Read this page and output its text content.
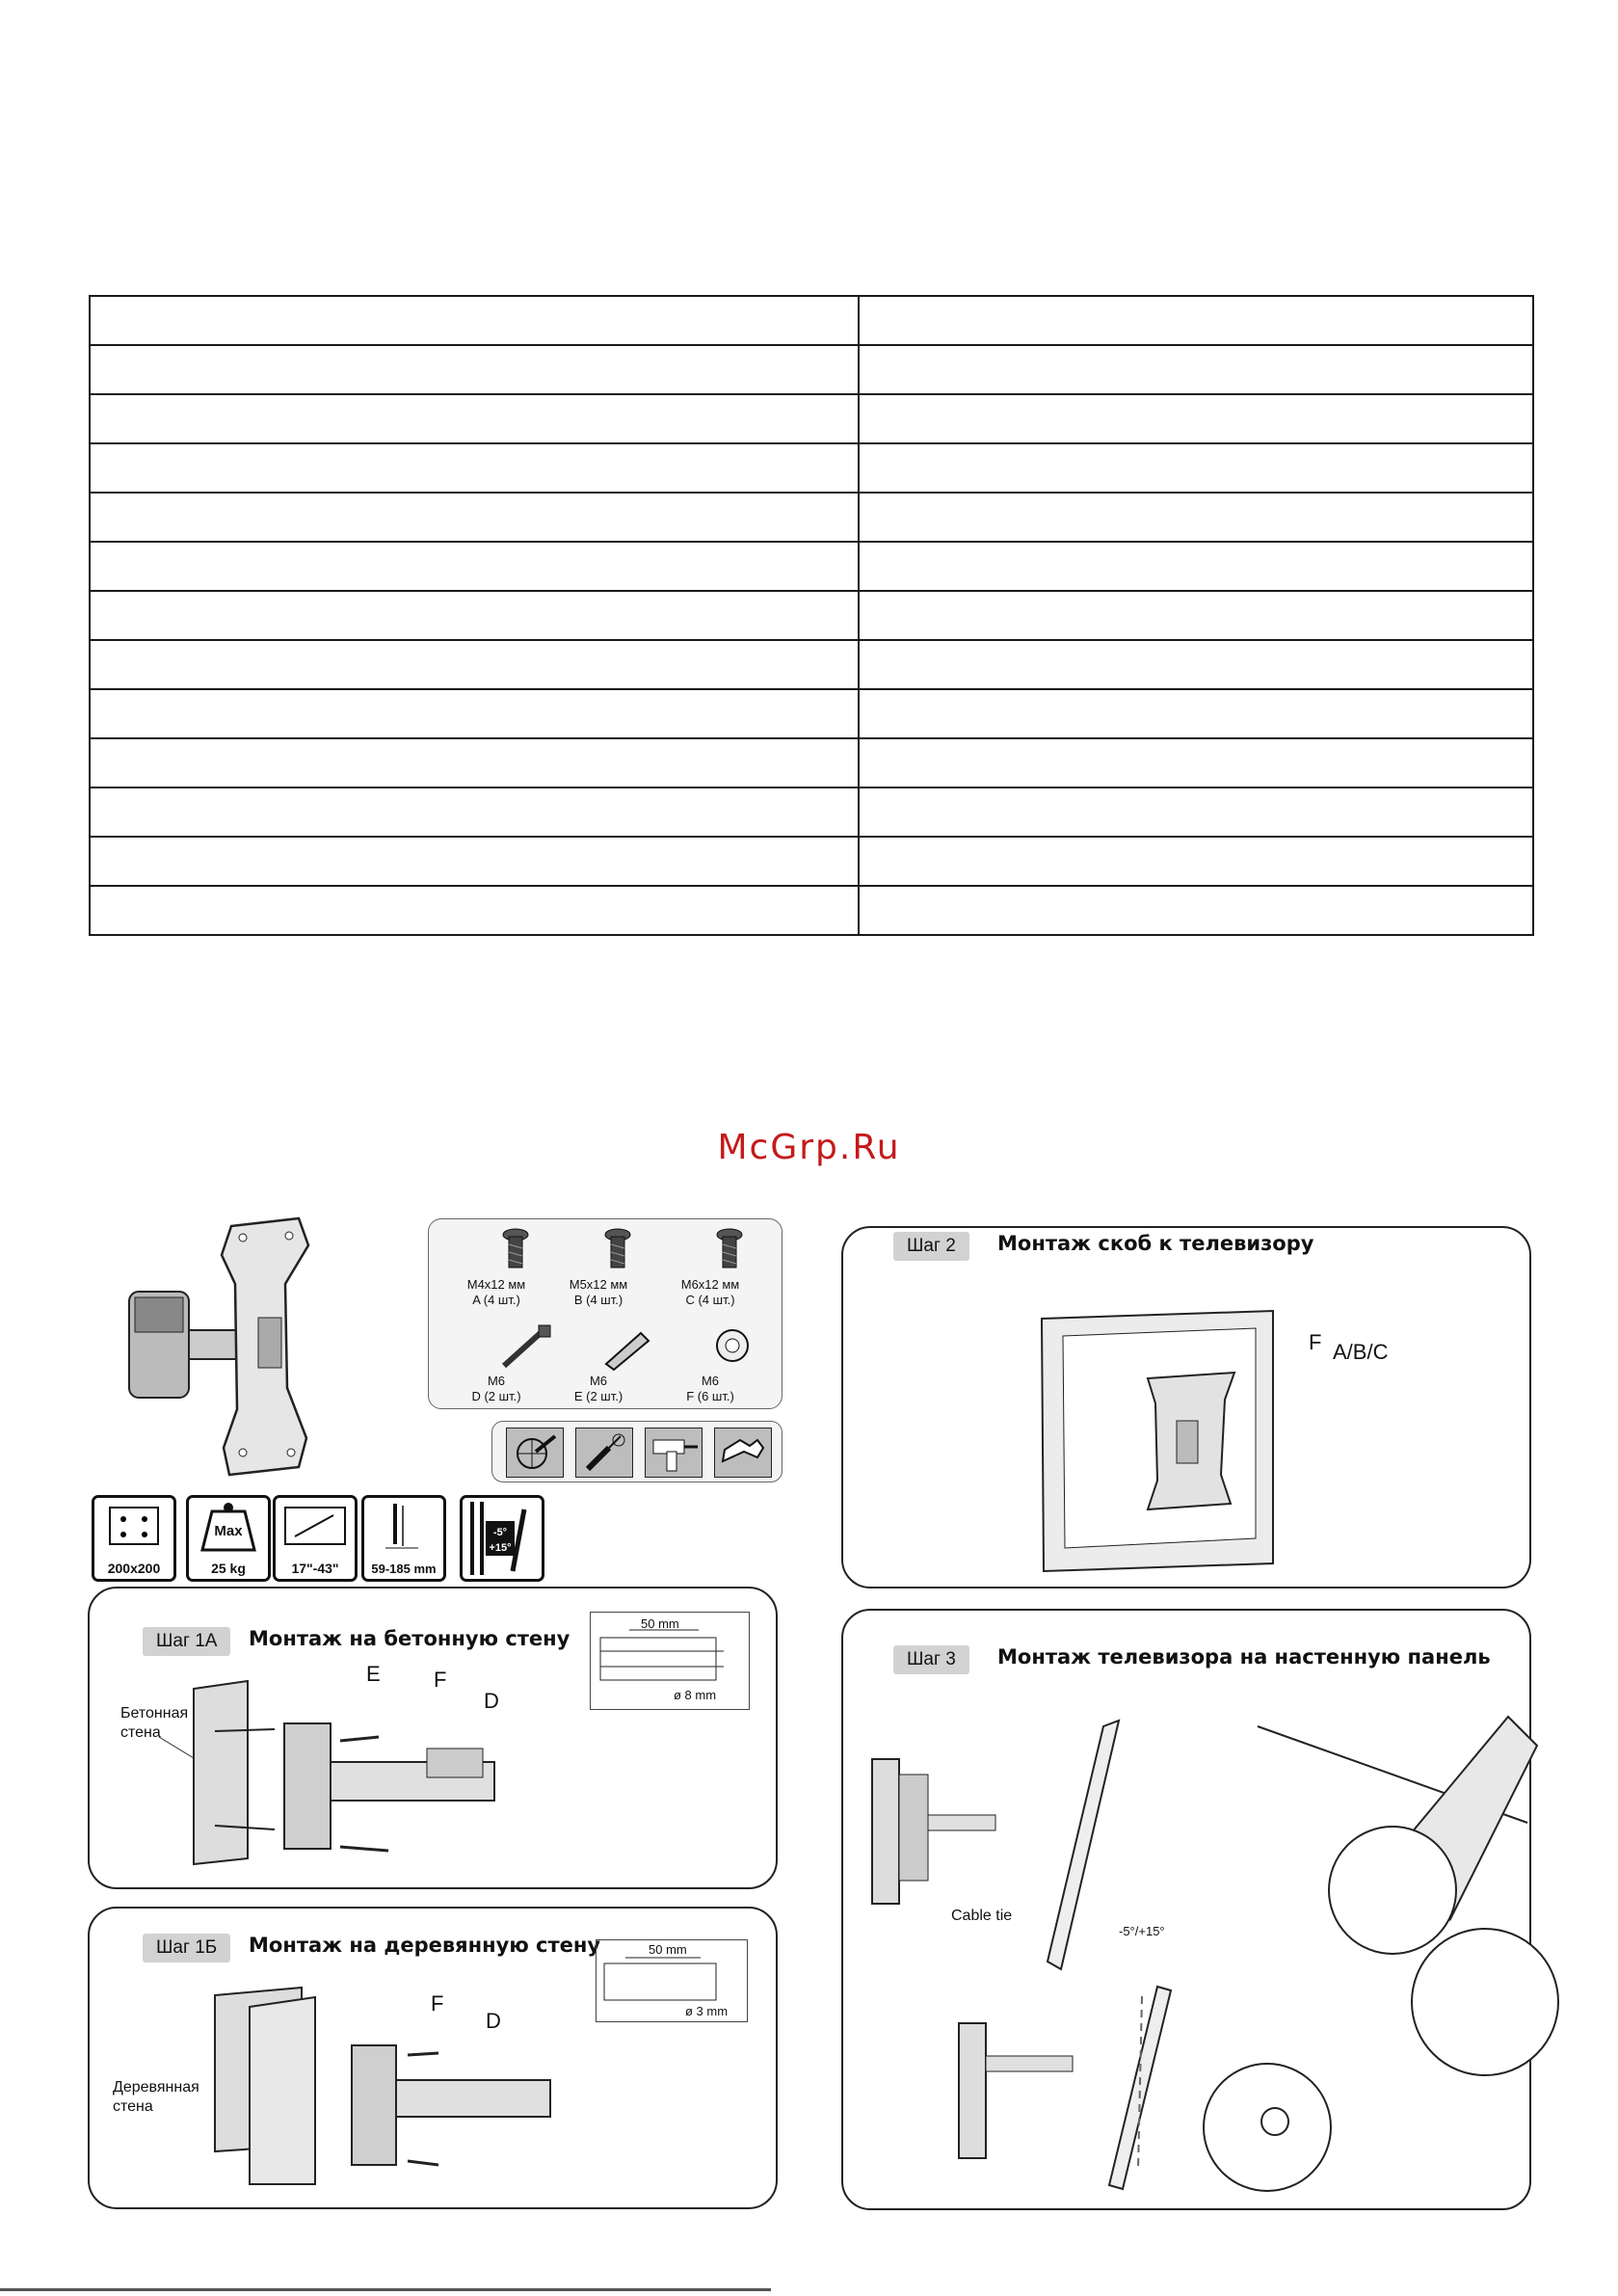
McGrp.Ru
M4x12 мм
A (4 шт.)
M5x12 мм
B (4 шт.)
M6x12 мм
C (4 шт.)
M6
D (2 шт.)
M6
E (2 шт.)
M6
F (6 шт.)
200x200
Max
25 kg	17"-43"	59-185 mm
-5°
+15°
Шаг 1А	Монтаж на бетонную стену
Бетонная
стена
E	F
D
50 mm
ø 8 mm
Шаг 1Б	Монтаж на деревянную стену
Деревянная
стена
F
D
50 mm
ø 3 mm
Шаг 2	Монтаж скоб к телевизору
F A/B/C
Шаг 3	Монтаж телевизора на настенную панель
Cable tie
-5°/+15°
